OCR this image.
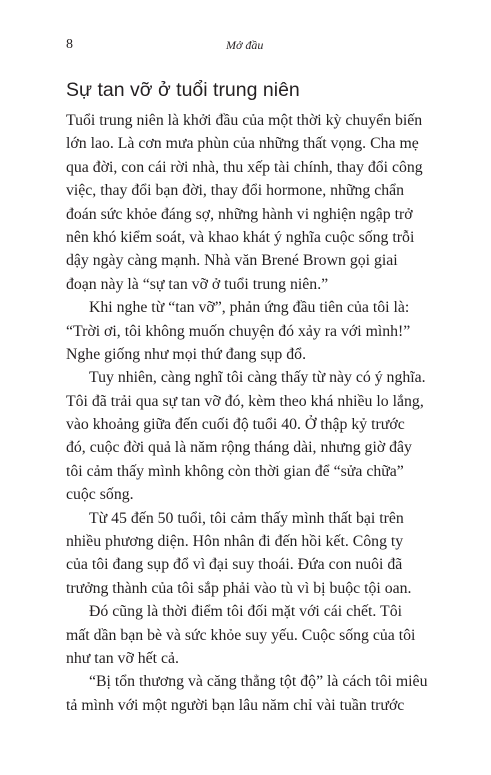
8	Mở đầu
Sự tan vỡ ở tuổi trung niên
Tuổi trung niên là khởi đầu của một thời kỳ chuyển biến
lớn lao. Là cơn mưa phùn của những thất vọng. Cha mẹ
qua đời, con cái rời nhà, thu xếp tài chính, thay đổi công
việc, thay đổi bạn đời, thay đổi hormone, những chẩn
đoán sức khỏe đáng sợ, những hành vi nghiện ngập trở
nên khó kiểm soát, và khao khát ý nghĩa cuộc sống trỗi
dậy ngày càng mạnh. Nhà văn Brené Brown gọi giai
đoạn này là “sự tan vỡ ở tuổi trung niên.”
Khi nghe từ “tan vỡ”, phản ứng đầu tiên của tôi là:
“Trời ơi, tôi không muốn chuyện đó xảy ra với mình!”
Nghe giống như mọi thứ đang sụp đổ.
Tuy nhiên, càng nghĩ tôi càng thấy từ này có ý nghĩa.
Tôi đã trải qua sự tan vỡ đó, kèm theo khá nhiều lo lắng,
vào khoảng giữa đến cuối độ tuổi 40. Ở thập kỷ trước
đó, cuộc đời quả là năm rộng tháng dài, nhưng giờ đây
tôi cảm thấy mình không còn thời gian để “sửa chữa”
cuộc sống.
Từ 45 đến 50 tuổi, tôi cảm thấy mình thất bại trên
nhiều phương diện. Hôn nhân đi đến hồi kết. Công ty
của tôi đang sụp đổ vì đại suy thoái. Đứa con nuôi đã
trưởng thành của tôi sắp phải vào tù vì bị buộc tội oan.
Đó cũng là thời điểm tôi đối mặt với cái chết. Tôi
mất dần bạn bè và sức khỏe suy yếu. Cuộc sống của tôi
như tan vỡ hết cả.
“Bị tổn thương và căng thẳng tột độ” là cách tôi miêu
tả mình với một người bạn lâu năm chỉ vài tuần trước
